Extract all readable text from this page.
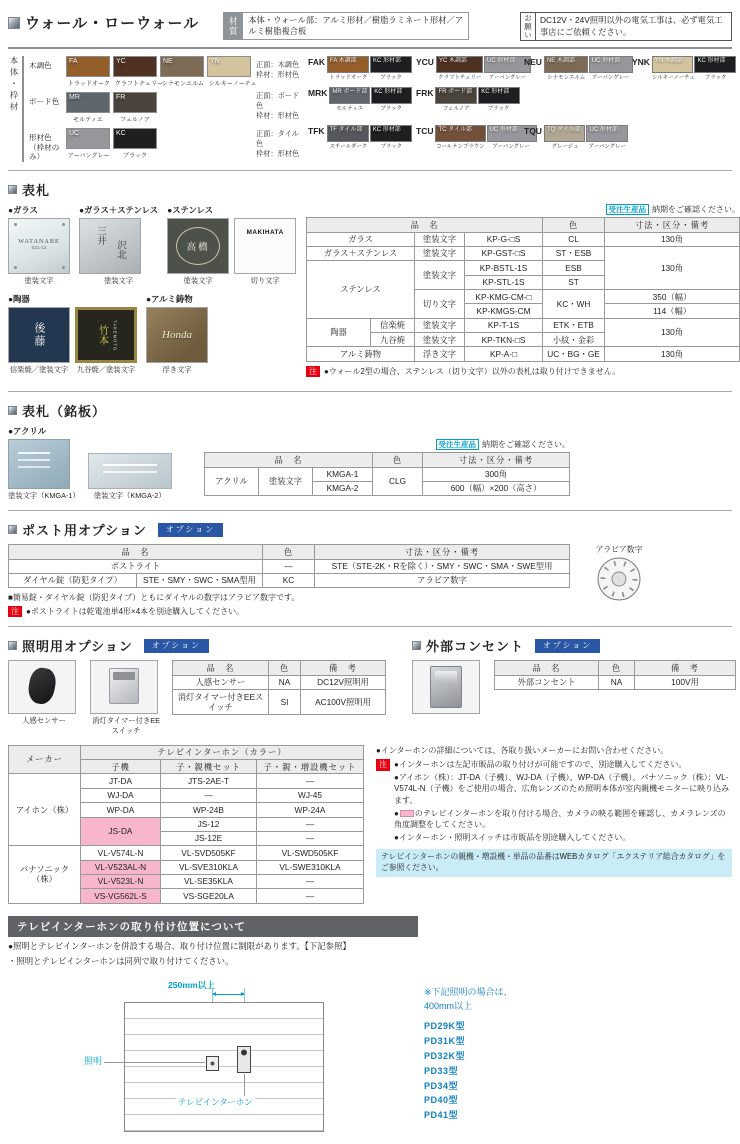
ウォール・ローウォール	材質
本体・ウォール部：アルミ形材／樹脂ラミネート形材／アルミ樹脂複合板	お願い DC12V・24V照明以外の電気工事は、必ず電気工事店にご依頼ください。
本体・枠材	木調色	FA
トラッドオーク
YC
クラフトチェリー
NE
シナモンエルム
YN
シルキーノーチェ
ボード色	MR
モルティエ
FR
フェルノア
形材色（枠材のみ）
UC
アーバングレー
KC
ブラック
正面：木調色
枠材：形材色
FAK FA 木調部	KC 形材部
トラッドオーク	ブラック
YCU YC 木調部	UC 形材部
クラフトチェリー	アーバングレー
NEU NE 木調部	UC 形材部
シナモンエルム	アーバングレー
YNK YN 木調部	KC 形材部
シルキーノーチェ	ブラック
正面：ボード色
枠材：形材色
MRK MR ボード部	KC 形材部
モルティエ	ブラック
FRK FR ボード部	KC 形材部
フェルノア	ブラック
正面：タイル色
枠材：形材色
TFK TF タイル部	KC 形材部
スチールダーク	ブラック
TCU TC タイル部	UC 形材部
コールテンブラウン	アーバングレー
TQU TQ タイル部	UC 形材部
グレージュ	アーバングレー
表札
●ガラス
WATANABE
531-12
塗装文字
●ガラス＋ステンレス
三井
沢北
塗装文字
●ステンレス
高橋
塗装文字
MAKIHATA
切り文字
●陶器
後藤
信楽焼／塗装文字
竹本	TAKEMOTO
九谷焼／塗装文字
●アルミ鋳物
Honda
浮き文字
受注生産品 納期をご確認ください。
品　名				色	寸法・区分・備考
ガラス		塗装文字	KP-G-□S	CL	130角
ガラス＋ステンレス		塗装文字	KP-GST-□S	ST・ESB	130角
ステンレス		塗装文字	KP-BSTL-1S	ESB	
			KP-STL-1S	ST	
		切り文字	KP-KMG-CM-□	KC・WH	350（幅）
			KP-KMGS-CM		114（幅）
陶器	信楽焼	塗装文字	KP-T-1S	ETK・ETB	130角
	九谷焼	塗装文字	KP-TKN-□S	小紋・金彩	
アルミ鋳物		浮き文字	KP-A-□	UC・BG・GE	130角
注 ●ウォール2型の場合、ステンレス（切り文字）以外の表札は取り付けできません。
表札（銘板）
●アクリル
塗装文字（KMGA-1）	塗装文字（KMGA-2）
受注生産品 納期をご確認ください。
品　名			色	寸法・区分・備考
アクリル	塗装文字	KMGA-1	CLG	300角
		KMGA-2		600（幅）×200（高さ）
ポスト用オプション	オプション
品　名		色	寸法・区分・備考
ポストライト		—	STE（STE-2K・Rを除く）・SMY・SWC・SMA・SWE型用
ダイヤル錠（防犯タイプ）	STE・SMY・SWC・SMA型用	KC	アラビア数字
■簡易錠・ダイヤル錠（防犯タイプ）ともにダイヤルの数字はアラビア数字です。
注 ●ポストライトは乾電池単4形×4本を別途購入してください。
アラビア数字
照明用オプション	オプション
人感センサー	消灯タイマー付きEEスイッチ
品　名	色	備　考
人感センサー	NA	DC12V照明用
消灯タイマー付きEEスイッチ	SI	AC100V照明用
外部コンセント	オプション
品　名	色	備　考
外部コンセント	NA	100V用
メーカー	テレビインターホン（カラー）		
	子機	子・親機セット	子・親・増設機セット
アイホン（株）	JT-DA	JTS-2AE-T	—
	WJ-DA	—	WJ-45
	WP-DA	WP-24B	WP-24A
	JS-DA	JS-12	—
		JS-12E	—
パナソニック（株）	VL-V574L-N	VL-SVD505KF	VL-SWD505KF
	VL-V523AL-N	VL-SVE310KLA	VL-SWE310KLA
	VL-V523L-N	VL-SE35KLA	—
	VS-VG562L-S	VS-SGE20LA	—
●インターホンの詳細については、各取り扱いメーカーにお問い合わせください。
注 ●インターホンは左記市販品の取り付けが可能ですので、別途購入してください。
●アイホン（株）：JT-DA（子機）、WJ-DA（子機）、WP-DA（子機）、パナソニック（株）：VL-V574L-N（子機）をご使用の場合、広角レンズのため照明本体が室内親機モニターに映り込みます。
● のテレビインターホンを取り付ける場合、カメラの映る範囲を確認し、カメラレンズの角度調整をしてください。
●インターホン・照明スイッチは市販品を別途購入してください。
テレビインターホンの親機・増設機・単品の品番はWEBカタログ「エクステリア総合カタログ」をご参照ください。
テレビインターホンの取り付け位置について
●照明とテレビインターホンを併設する場合、取り付け位置に制限があります。【下記参照】
・照明とテレビインターホンは同列で取り付けてください。
250mm以上
照明
テレビインターホン
※下記照明の場合は、
400mm以上
PD29K型
PD31K型
PD32K型
PD33型
PD34型
PD40型
PD41型
